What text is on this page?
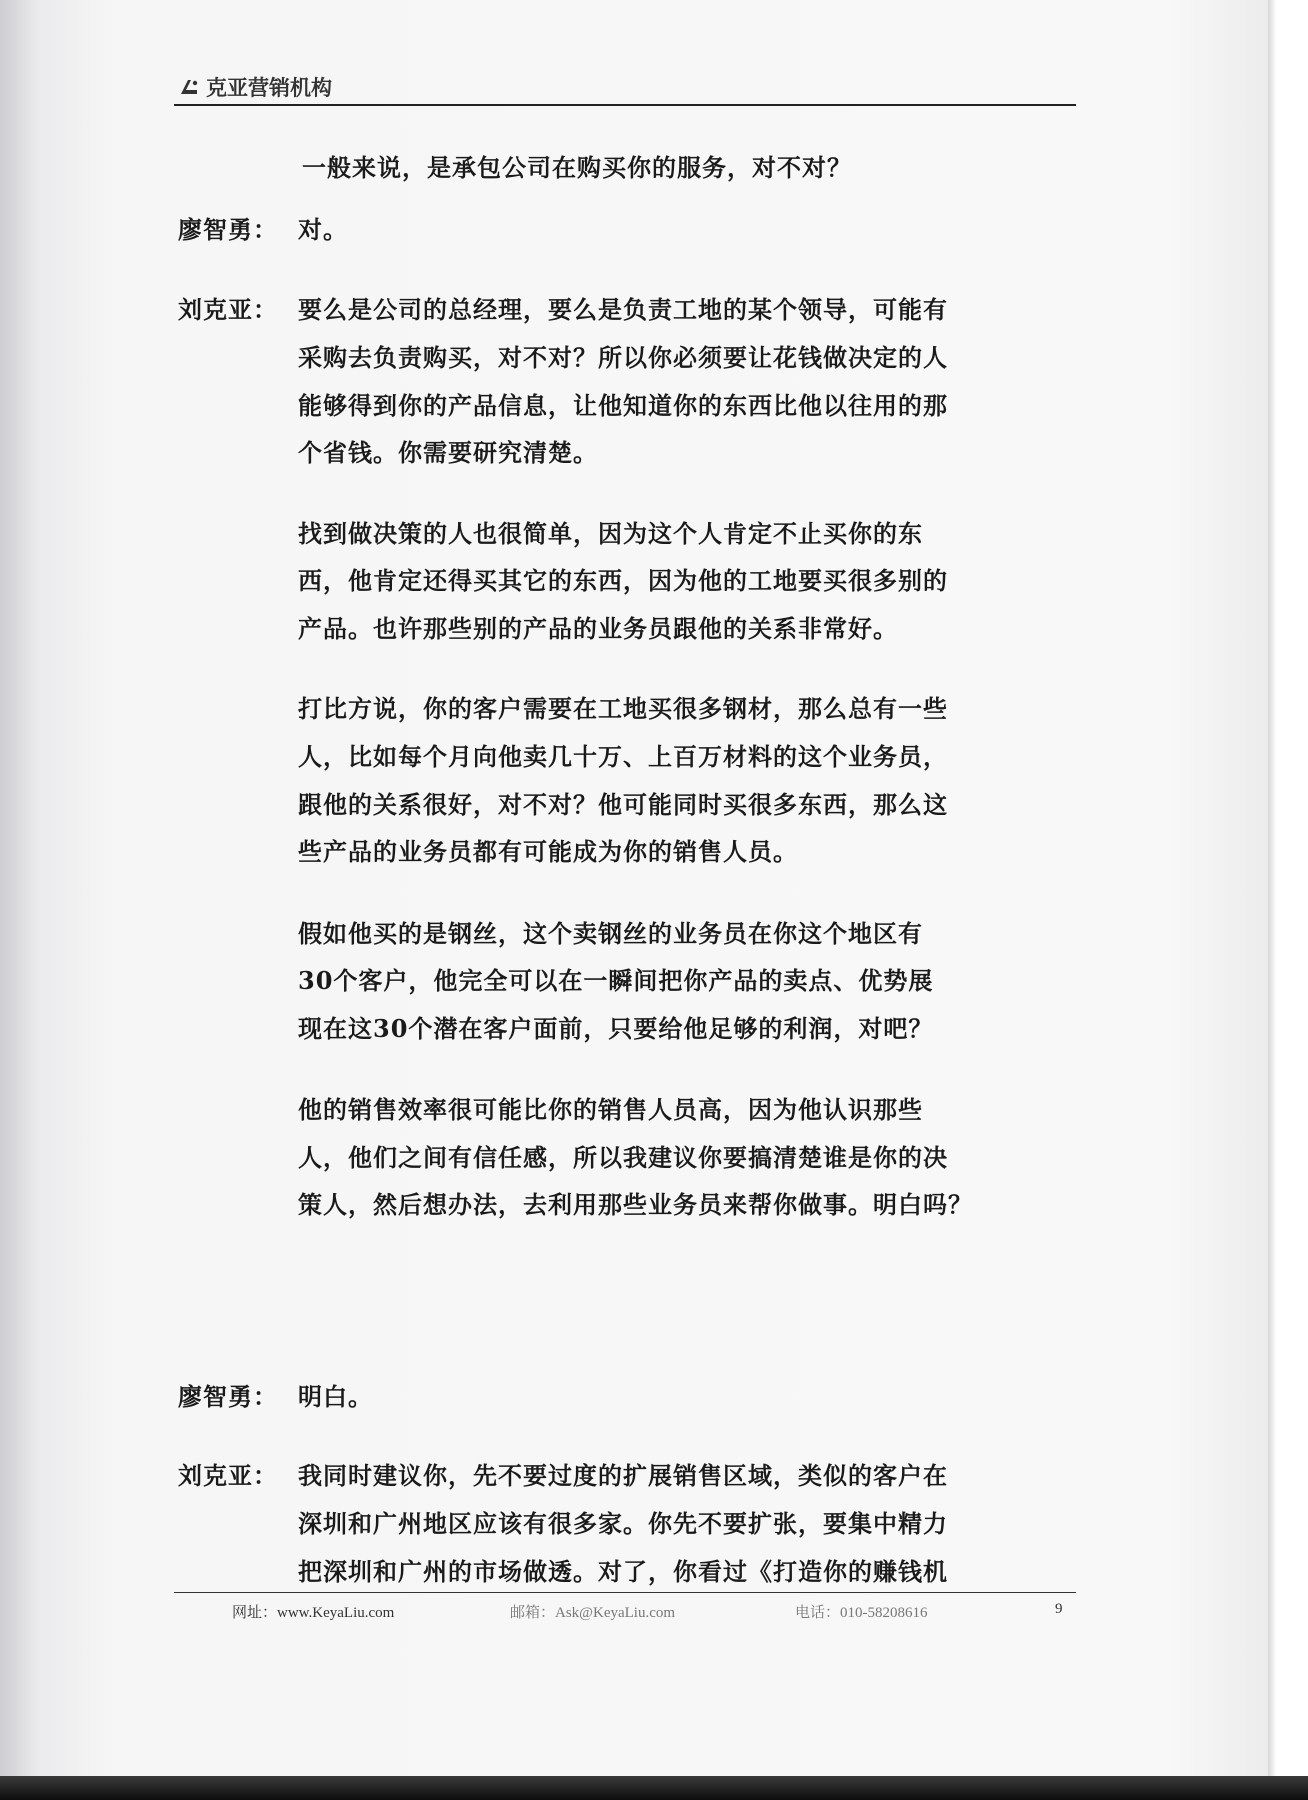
克亚营销机构
廖智勇：
刘克亚：
廖智勇：
刘克亚：
一般来说，是承包公司在购买你的服务，对不对？
对。
要么是公司的总经理，要么是负责工地的某个领导，可能有
采购去负责购买，对不对？所以你必须要让花钱做决定的人
能够得到你的产品信息，让他知道你的东西比他以往用的那
个省钱。你需要研究清楚。
找到做决策的人也很简单，因为这个人肯定不止买你的东
西，他肯定还得买其它的东西，因为他的工地要买很多别的
产品。也许那些别的产品的业务员跟他的关系非常好。
打比方说，你的客户需要在工地买很多钢材，那么总有一些
人，比如每个月向他卖几十万、上百万材料的这个业务员，
跟他的关系很好，对不对？他可能同时买很多东西，那么这
些产品的业务员都有可能成为你的销售人员。
假如他买的是钢丝，这个卖钢丝的业务员在你这个地区有
30个客户，他完全可以在一瞬间把你产品的卖点、优势展
现在这30个潜在客户面前，只要给他足够的利润，对吧？
他的销售效率很可能比你的销售人员高，因为他认识那些
人，他们之间有信任感，所以我建议你要搞清楚谁是你的决
策人，然后想办法，去利用那些业务员来帮你做事。明白吗？
明白。
我同时建议你，先不要过度的扩展销售区域，类似的客户在
深圳和广州地区应该有很多家。你先不要扩张，要集中精力
把深圳和广州的市场做透。对了，你看过《打造你的赚钱机
网址：www.KeyaLiu.com	邮箱：Ask@KeyaLiu.com	电话：010-58208616	9
